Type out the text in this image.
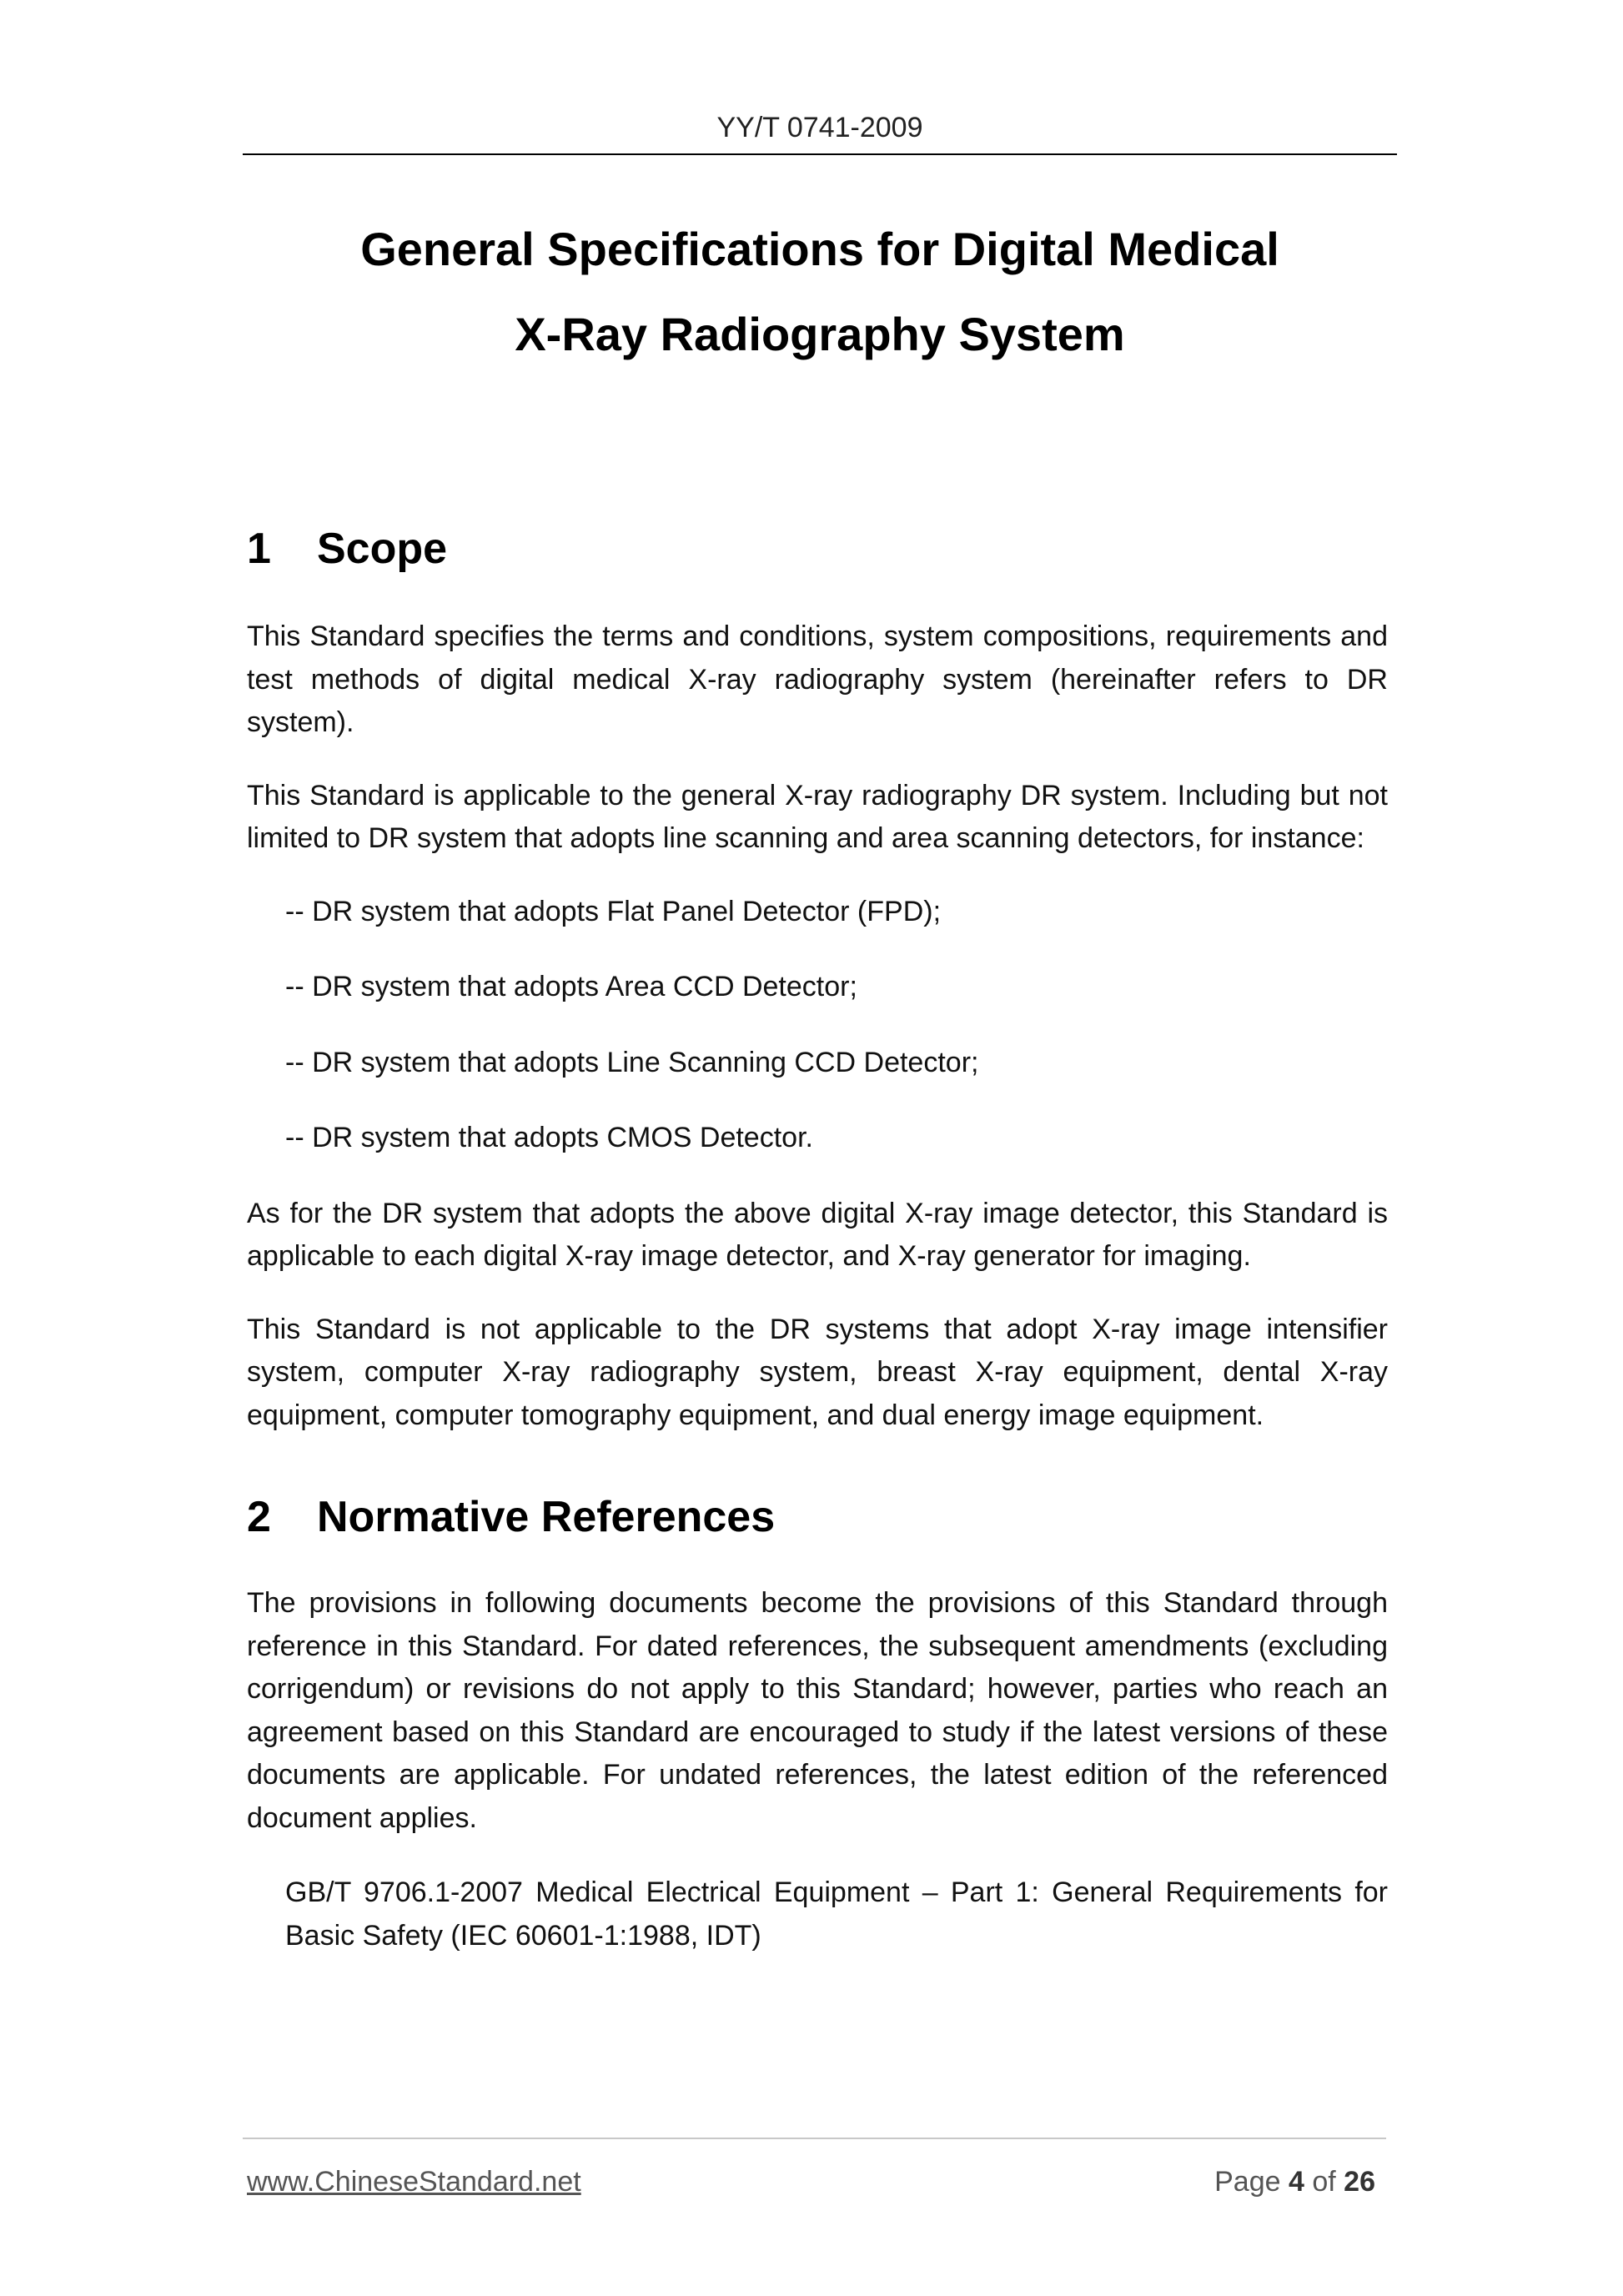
YY/T 0741-2009
General Specifications for Digital Medical
X-Ray Radiography System
1 Scope

This Standard specifies the terms and conditions, system compositions, requirements and test methods of digital medical X-ray radiography system (hereinafter refers to DR system).

This Standard is applicable to the general X-ray radiography DR system. Including but not limited to DR system that adopts line scanning and area scanning detectors, for instance:

-- DR system that adopts Flat Panel Detector (FPD);

-- DR system that adopts Area CCD Detector;

-- DR system that adopts Line Scanning CCD Detector;

-- DR system that adopts CMOS Detector.

As for the DR system that adopts the above digital X-ray image detector, this Standard is applicable to each digital X-ray image detector, and X-ray generator for imaging.

This Standard is not applicable to the DR systems that adopt X-ray image intensifier system, computer X-ray radiography system, breast X-ray equipment, dental X-ray equipment, computer tomography equipment, and dual energy image equipment.

2 Normative References

The provisions in following documents become the provisions of this Standard through reference in this Standard. For dated references, the subsequent amendments (excluding corrigendum) or revisions do not apply to this Standard; however, parties who reach an agreement based on this Standard are encouraged to study if the latest versions of these documents are applicable. For undated references, the latest edition of the referenced document applies.

GB/T 9706.1-2007 Medical Electrical Equipment – Part 1: General Requirements for Basic Safety (IEC 60601-1:1988, IDT)

www.ChineseStandard.net	Page 4 of 26
